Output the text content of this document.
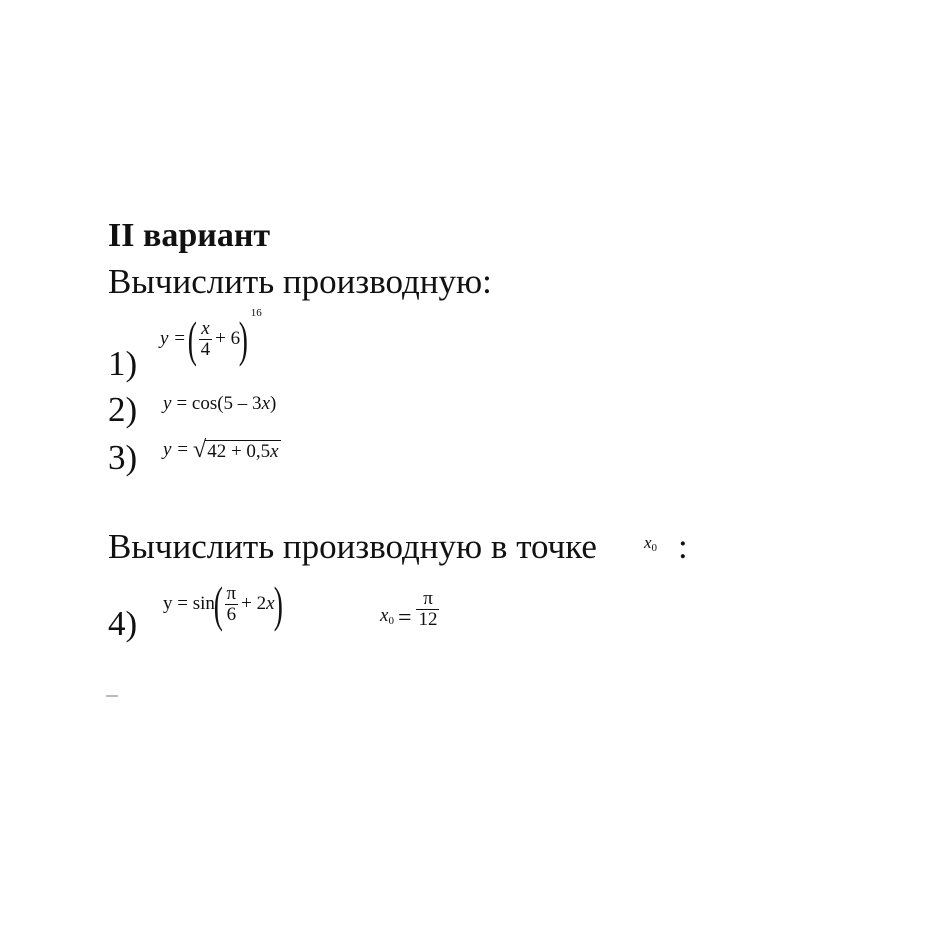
II вариант
Вычислить производную:
1)
y = ( $\frac{x}{4} + 6$
) 16
2) y = cos(5 – 3 x )
3) y = √ 42 + 0,5x
Вычислить производную в точке	$x_0$ :
4)
y = sin
( $\frac{\pi}{6} + 2$ x
)	$x_0 = \frac{\pi}{12}$
